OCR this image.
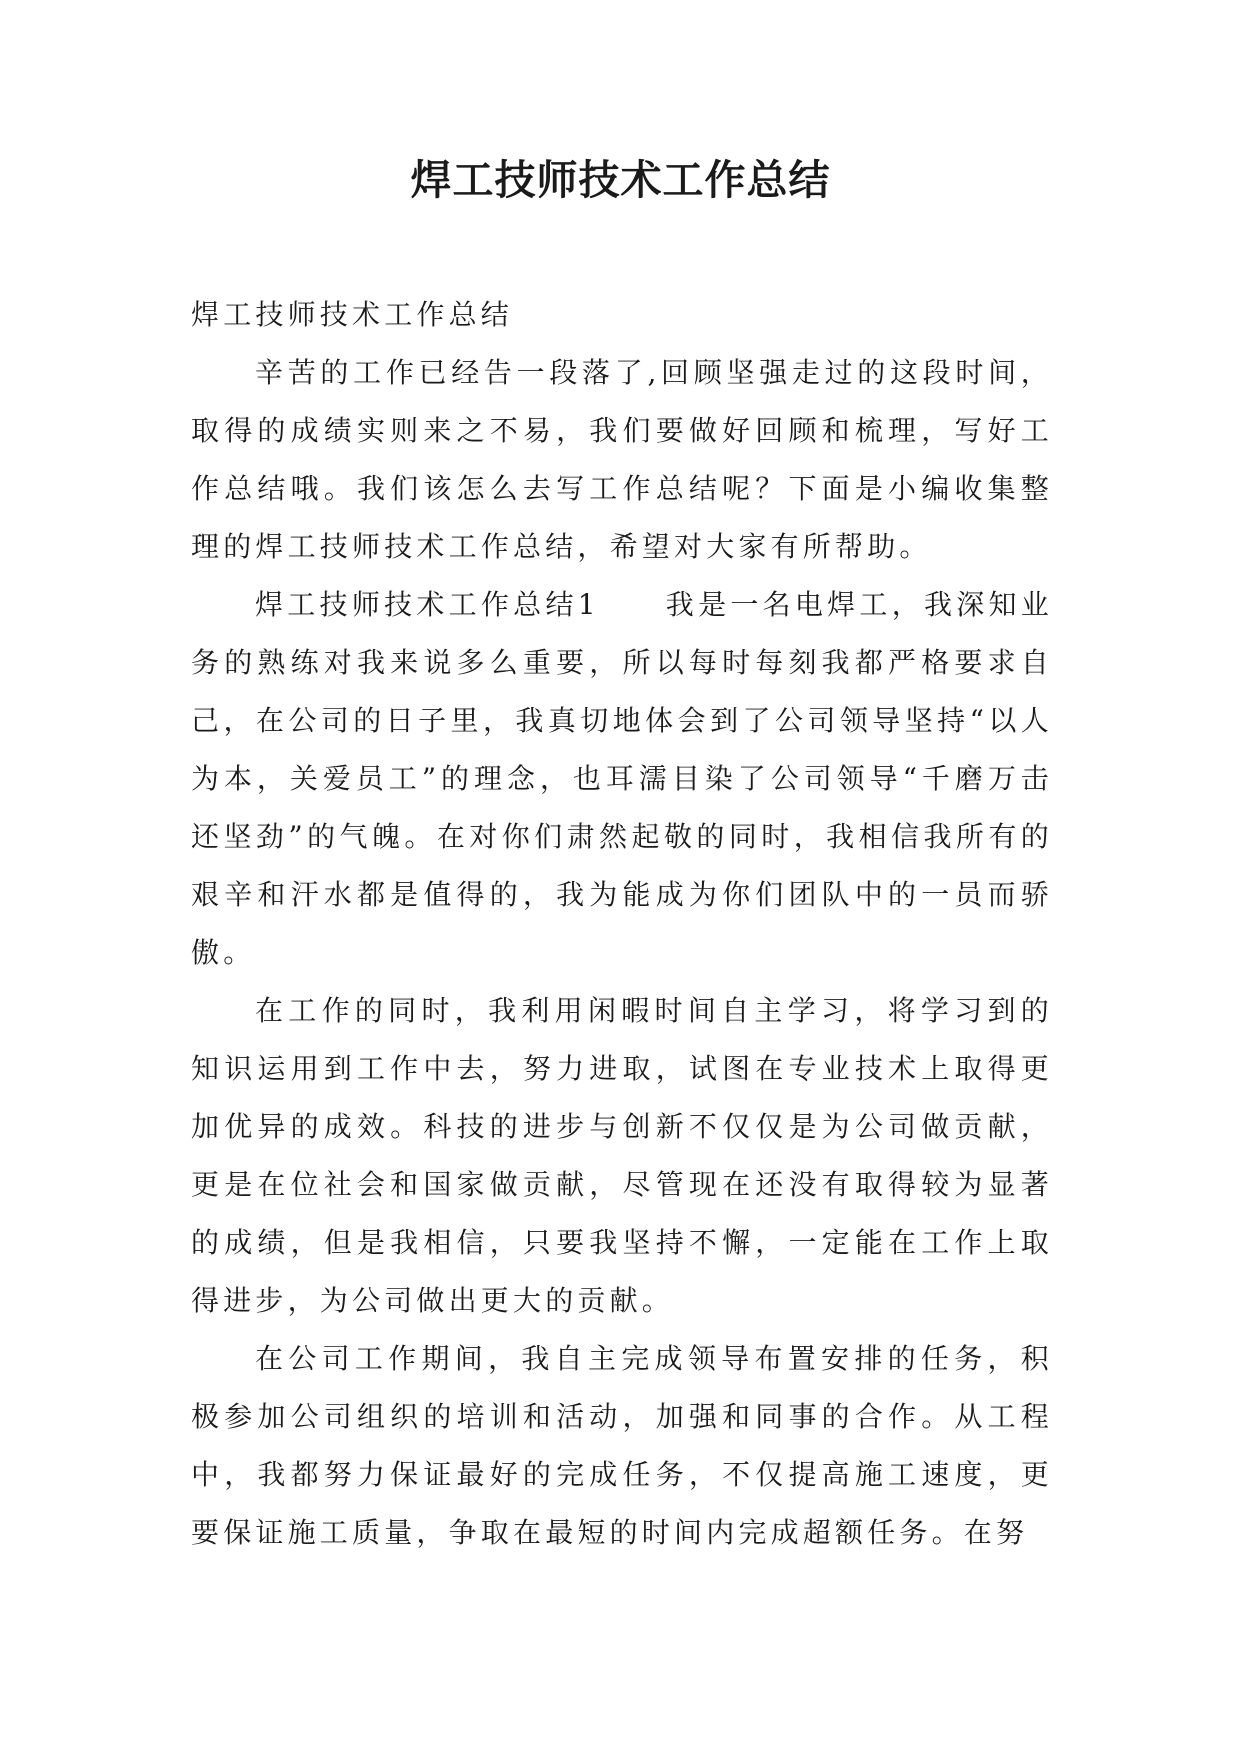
焊工技师技术工作总结

焊工技师技术工作总结

辛苦的工作已经告一段落了,回顾坚强走过的这段时间，取得的成绩实则来之不易，我们要做好回顾和梳理，写好工作总结哦。我们该怎么去写工作总结呢？下面是小编收集整理的焊工技师技术工作总结，希望对大家有所帮助。

焊工技师技术工作总结1 我是一名电焊工，我深知业务的熟练对我来说多么重要，所以每时每刻我都严格要求自己，在公司的日子里，我真切地体会到了公司领导坚持“以人为本，关爱员工”的理念，也耳濡目染了公司领导“千磨万击还坚劲”的气魄。在对你们肃然起敬的同时，我相信我所有的艰辛和汗水都是值得的，我为能成为你们团队中的一员而骄傲。

在工作的同时，我利用闲暇时间自主学习，将学习到的知识运用到工作中去，努力进取，试图在专业技术上取得更加优异的成效。科技的进步与创新不仅仅是为公司做贡献，更是在位社会和国家做贡献，尽管现在还没有取得较为显著的成绩，但是我相信，只要我坚持不懈，一定能在工作上取得进步，为公司做出更大的贡献。

在公司工作期间，我自主完成领导布置安排的任务，积极参加公司组织的培训和活动，加强和同事的合作。从工程中，我都努力保证最好的完成任务，不仅提高施工速度，更要保证施工质量，争取在最短的时间内完成超额任务。在努
